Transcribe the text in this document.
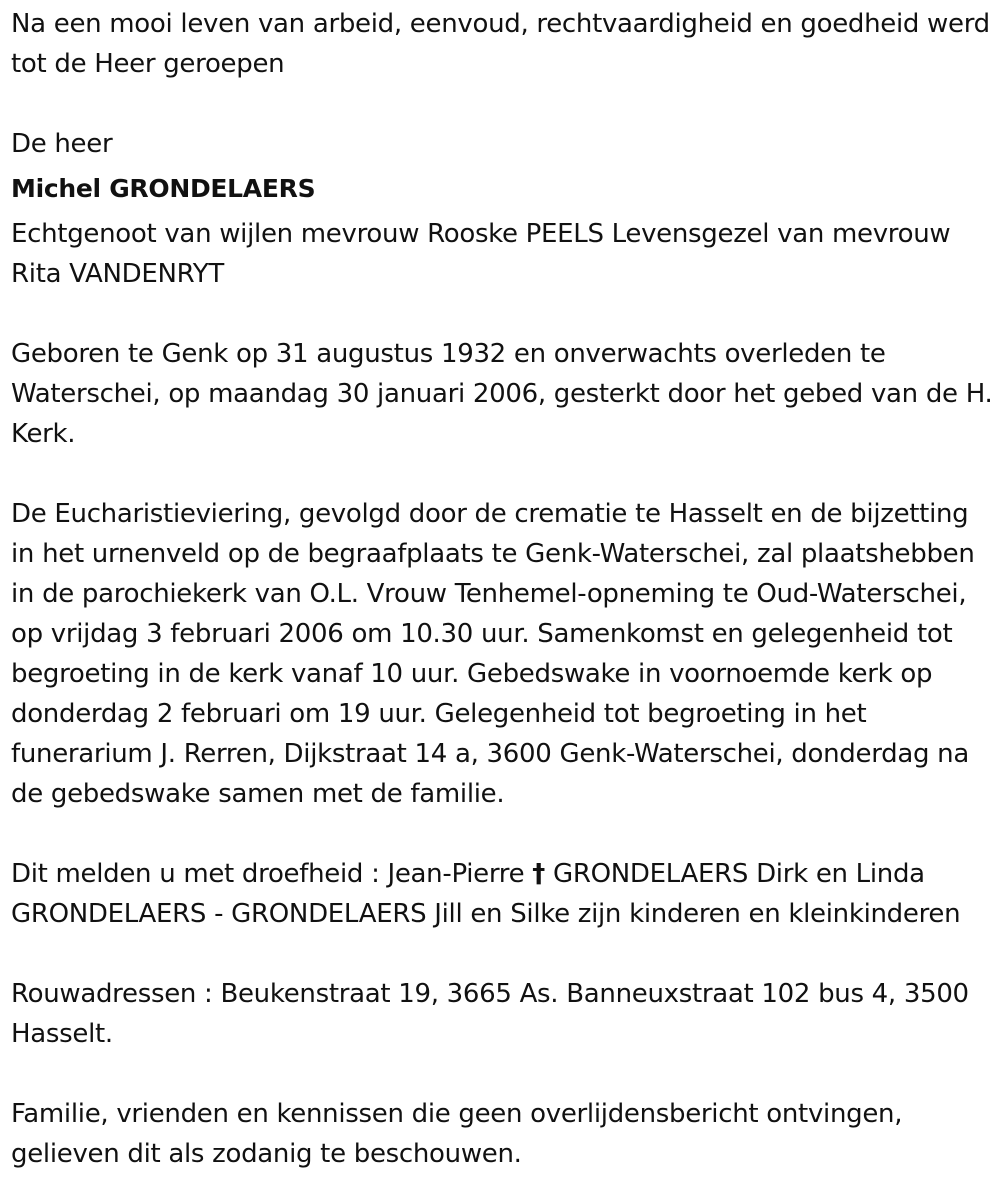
Na een mooi leven van arbeid, eenvoud, rechtvaardigheid en goedheid werd tot de Heer geroepen

De heer

Michel GRONDELAERS

Echtgenoot van wijlen mevrouw Rooske PEELS Levensgezel van mevrouw Rita VANDENRYT

Geboren te Genk op 31 augustus 1932 en onverwachts overleden te Waterschei, op maandag 30 januari 2006, gesterkt door het gebed van de H. Kerk.

De Eucharistieviering, gevolgd door de crematie te Hasselt en de bijzetting in het urnenveld op de begraafplaats te Genk-Waterschei, zal plaatshebben in de parochiekerk van O.L. Vrouw Tenhemel-opneming te Oud-Waterschei, op vrijdag 3 februari 2006 om 10.30 uur. Samenkomst en gelegenheid tot begroeting in de kerk vanaf 10 uur. Gebedswake in voornoemde kerk op donderdag 2 februari om 19 uur. Gelegenheid tot begroeting in het funerarium J. Rerren, Dijkstraat 14 a, 3600 Genk-Waterschei, donderdag na de gebedswake samen met de familie.

Dit melden u met droefheid : Jean-Pierre † GRONDELAERS Dirk en Linda GRONDELAERS - GRONDELAERS Jill en Silke zijn kinderen en kleinkinderen

Rouwadressen : Beukenstraat 19, 3665 As. Banneuxstraat 102 bus 4, 3500 Hasselt.

Familie, vrienden en kennissen die geen overlijdensbericht ontvingen, gelieven dit als zodanig te beschouwen.
